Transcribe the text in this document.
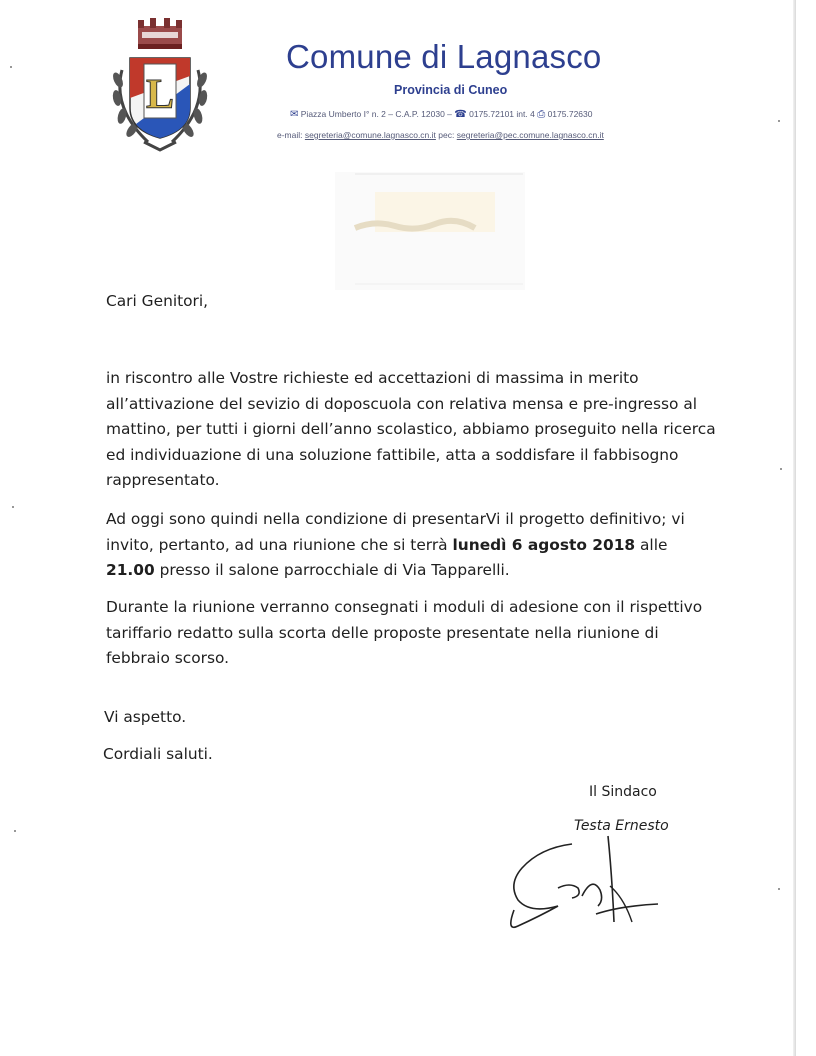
L
Comune di Lagnasco
Provincia di Cuneo
✉ Piazza Umberto I° n. 2 – C.A.P. 12030 – ☎ 0175.72101 int. 4 ⎙ 0175.72630
e-mail: segreteria@comune.lagnasco.cn.it pec: segreteria@pec.comune.lagnasco.cn.it
Cari Genitori,

in riscontro alle Vostre richieste ed accettazioni di massima in merito all’attivazione del sevizio di doposcuola con relativa mensa e pre-ingresso al mattino, per tutti i giorni dell’anno scolastico, abbiamo proseguito nella ricerca ed individuazione di una soluzione fattibile, atta a soddisfare il fabbisogno rappresentato.

Ad oggi sono quindi nella condizione di presentarVi il progetto definitivo; vi invito, pertanto, ad una riunione che si terrà lunedì 6 agosto 2018 alle 21.00 presso il salone parrocchiale di Via Tapparelli.

Durante la riunione verranno consegnati i moduli di adesione con il rispettivo tariffario redatto sulla scorta delle proposte presentate nella riunione di febbraio scorso.

Vi aspetto.
Cordiali saluti.
Il Sindaco
Testa Ernesto
